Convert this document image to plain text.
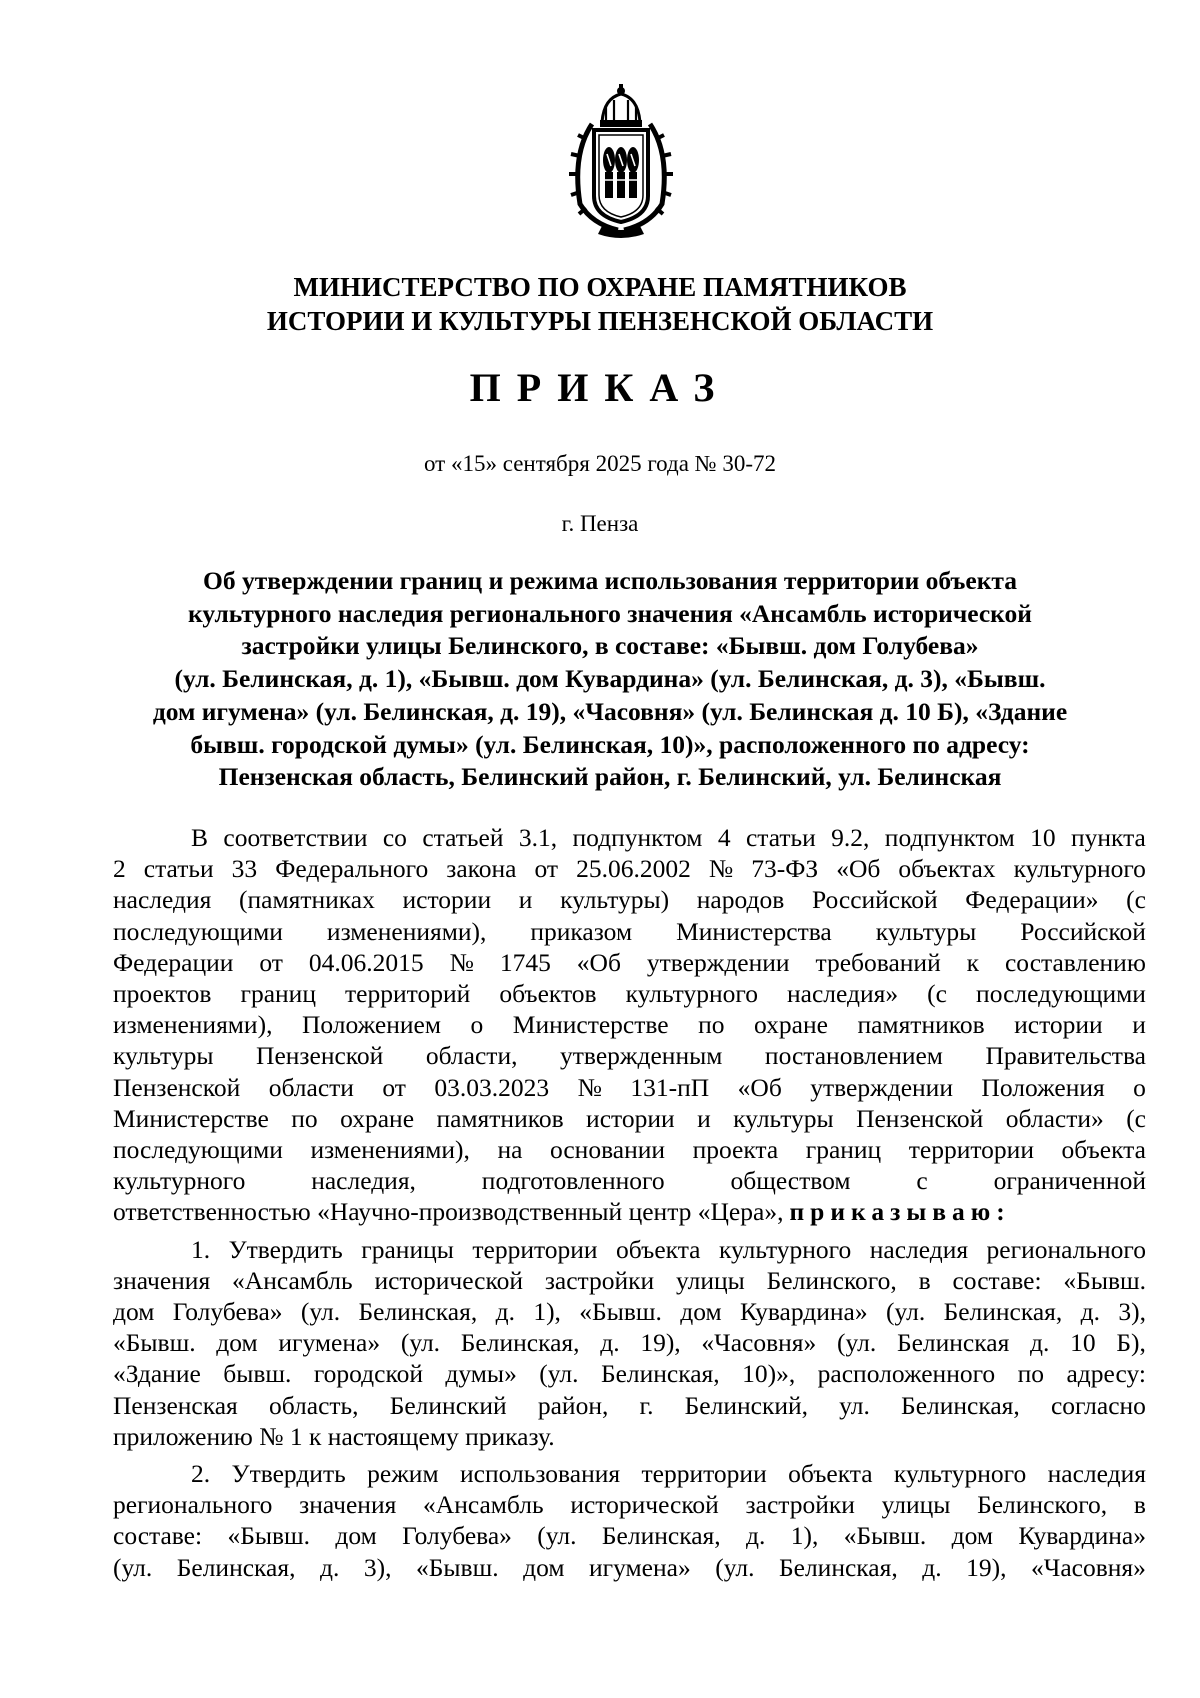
МИНИСТЕРСТВО ПО ОХРАНЕ ПАМЯТНИКОВ
ИСТОРИИ И КУЛЬТУРЫ ПЕНЗЕНСКОЙ ОБЛАСТИ
ПРИКАЗ
от «15» сентября 2025 года № 30-72
г. Пенза
Об утверждении границ и режима использования территории объекта
культурного наследия регионального значения «Ансамбль исторической
застройки улицы Белинского, в составе: «Бывш. дом Голубева»
(ул. Белинская, д. 1), «Бывш. дом Кувардина» (ул. Белинская, д. 3), «Бывш.
дом игумена» (ул. Белинская, д. 19), «Часовня» (ул. Белинская д. 10 Б), «Здание
бывш. городской думы» (ул. Белинская, 10)», расположенного по адресу:
Пензенская область, Белинский район, г. Белинский, ул. Белинская
В соответствии со статьей 3.1, подпунктом 4 статьи 9.2, подпунктом 10 пункта
2 статьи 33 Федерального закона от 25.06.2002 № 73-ФЗ «Об объектах культурного
наследия (памятниках истории и культуры) народов Российской Федерации» (с
последующими изменениями), приказом Министерства культуры Российской
Федерации от 04.06.2015 № 1745 «Об утверждении требований к составлению
проектов границ территорий объектов культурного наследия» (с последующими
изменениями), Положением о Министерстве по охране памятников истории и
культуры Пензенской области, утвержденным постановлением Правительства
Пензенской области от 03.03.2023 № 131-пП «Об утверждении Положения о
Министерстве по охране памятников истории и культуры Пензенской области» (с
последующими изменениями), на основании проекта границ территории объекта
культурного	наследия,	подготовленного	обществом	с	ограниченной
ответственностью «Научно-производственный центр «Цера», приказываю:
1. Утвердить границы территории объекта культурного наследия регионального
значения «Ансамбль исторической застройки улицы Белинского, в составе: «Бывш.
дом Голубева» (ул. Белинская, д. 1), «Бывш. дом Кувардина» (ул. Белинская, д. 3),
«Бывш. дом игумена» (ул. Белинская, д. 19), «Часовня» (ул. Белинская д. 10 Б),
«Здание бывш. городской думы» (ул. Белинская, 10)», расположенного по адресу:
Пензенская область, Белинский район, г. Белинский, ул. Белинская, согласно
приложению № 1 к настоящему приказу.
2. Утвердить режим использования территории объекта культурного наследия
регионального значения «Ансамбль исторической застройки улицы Белинского, в
составе: «Бывш. дом Голубева» (ул. Белинская, д. 1), «Бывш. дом Кувардина»
(ул. Белинская, д. 3), «Бывш. дом игумена» (ул. Белинская, д. 19), «Часовня»
